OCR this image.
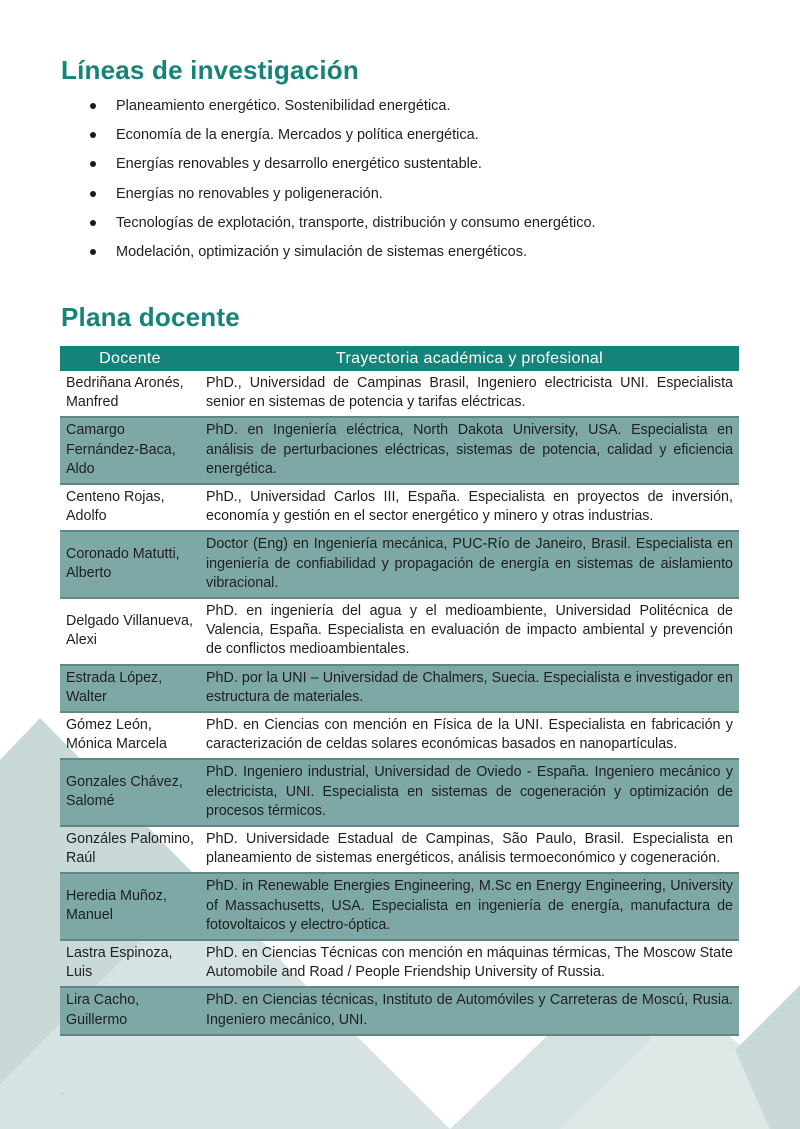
Líneas de investigación
Planeamiento energético. Sostenibilidad energética.
Economía de la energía. Mercados y política energética.
Energías renovables y desarrollo energético sustentable.
Energías no renovables y poligeneración.
Tecnologías de explotación, transporte, distribución y consumo energético.
Modelación, optimización y simulación de sistemas energéticos.
Plana docente
Docente	Trayectoria académica y profesional
Bedriñana Aronés, Manfred	PhD., Universidad de Campinas Brasil, Ingeniero electricista UNI. Especialista senior en sistemas de potencia y tarifas eléctricas.
Camargo Fernández-Baca, Aldo	PhD. en Ingeniería eléctrica, North Dakota University, USA. Especialista en análisis de perturbaciones eléctricas, sistemas de potencia, calidad y eficiencia energética.
Centeno Rojas, Adolfo	PhD., Universidad Carlos III, España. Especialista en proyectos de inversión, economía y gestión en el sector energético y minero y otras industrias.
Coronado Matutti, Alberto	Doctor (Eng) en Ingeniería mecánica, PUC-Río de Janeiro, Brasil. Especialista en ingeniería de confiabilidad y propagación de energía en sistemas de aislamiento vibracional.
Delgado Villanueva, Alexi	PhD. en ingeniería del agua y el medioambiente, Universidad Politécnica de Valencia, España. Especialista en evaluación de impacto ambiental y prevención de conflictos medioambientales.
Estrada López, Walter	PhD. por la UNI – Universidad de Chalmers, Suecia. Especialista e investigador en estructura de materiales.
Gómez León, Mónica Marcela	PhD. en Ciencias con mención en Física de la UNI. Especialista en fabricación y caracterización de celdas solares económicas basados en nanopartículas.
Gonzales Chávez, Salomé	PhD. Ingeniero industrial, Universidad de Oviedo - España. Ingeniero mecánico y electricista, UNI. Especialista en sistemas de cogeneración y optimización de procesos térmicos.
Gonzáles Palomino, Raúl	PhD. Universidade Estadual de Campinas, São Paulo, Brasil. Especialista en planeamiento de sistemas energéticos, análisis termoeconómico y cogeneración.
Heredia Muñoz, Manuel	PhD. in Renewable Energies Engineering, M.Sc en Energy Engineering, University of Massachusetts, USA. Especialista en ingeniería de energía, manufactura de fotovoltaicos y electro-óptica.
Lastra Espinoza, Luis	PhD. en Ciencias Técnicas con mención en máquinas térmicas, The Moscow State Automobile and Road / People Friendship University of Russia.
Lira Cacho, Guillermo	PhD. en Ciencias técnicas, Instituto de Automóviles y Carreteras de Moscú, Rusia. Ingeniero mecánico, UNI.
⌐
